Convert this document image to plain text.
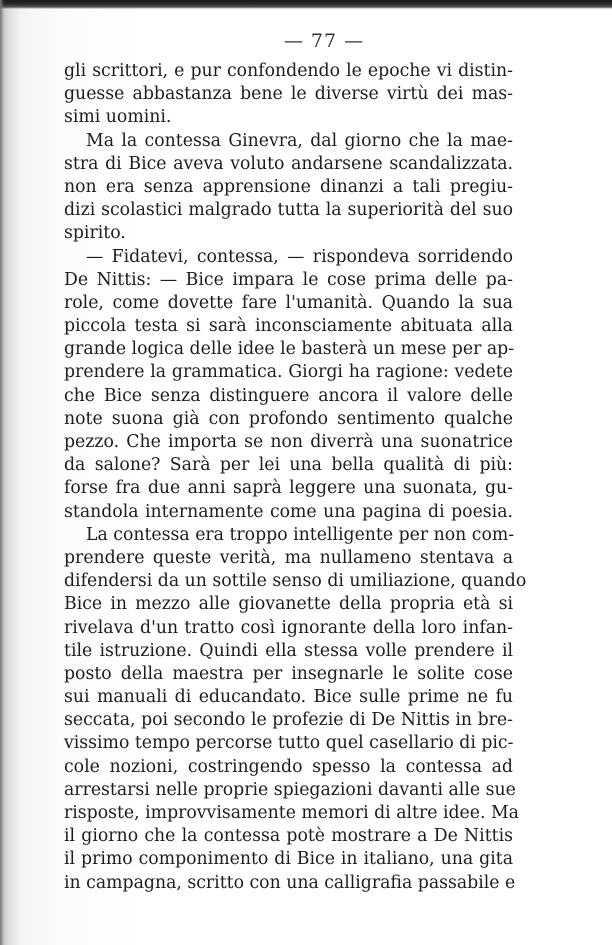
— 77 —
gli scrittori, e pur confondendo le epoche vi distin-
guesse abbastanza bene le diverse virtù dei mas-
simi uomini.
Ma la contessa Ginevra, dal giorno che la mae-
stra di Bice aveva voluto andarsene scandalizzata.
non era senza apprensione dinanzi a tali pregiu-
dizi scolastici malgrado tutta la superiorità del suo
spirito.
— Fidatevi, contessa, — rispondeva sorridendo
De Nittis: — Bice impara le cose prima delle pa-
role, come dovette fare l'umanità. Quando la sua
piccola testa si sarà inconsciamente abituata alla
grande logica delle idee le basterà un mese per ap-
prendere la grammatica. Giorgi ha ragione: vedete
che Bice senza distinguere ancora il valore delle
note suona già con profondo sentimento qualche
pezzo. Che importa se non diverrà una suonatrice
da salone? Sarà per lei una bella qualità di più:
forse fra due anni saprà leggere una suonata, gu-
standola internamente come una pagina di poesia.
La contessa era troppo intelligente per non com-
prendere queste verità, ma nullameno stentava a
difendersi da un sottile senso di umiliazione, quando
Bice in mezzo alle giovanette della propria età si
rivelava d'un tratto così ignorante della loro infan-
tile istruzione. Quindi ella stessa volle prendere il
posto della maestra per insegnarle le solite cose
sui manuali di educandato. Bice sulle prime ne fu
seccata, poi secondo le profezie di De Nittis in bre-
vissimo tempo percorse tutto quel casellario di pic-
cole nozioni, costringendo spesso la contessa ad
arrestarsi nelle proprie spiegazioni davanti alle sue
risposte, improvvisamente memori di altre idee. Ma
il giorno che la contessa potè mostrare a De Nittis
il primo componimento di Bice in italiano, una gita
in campagna, scritto con una calligrafia passabile e
